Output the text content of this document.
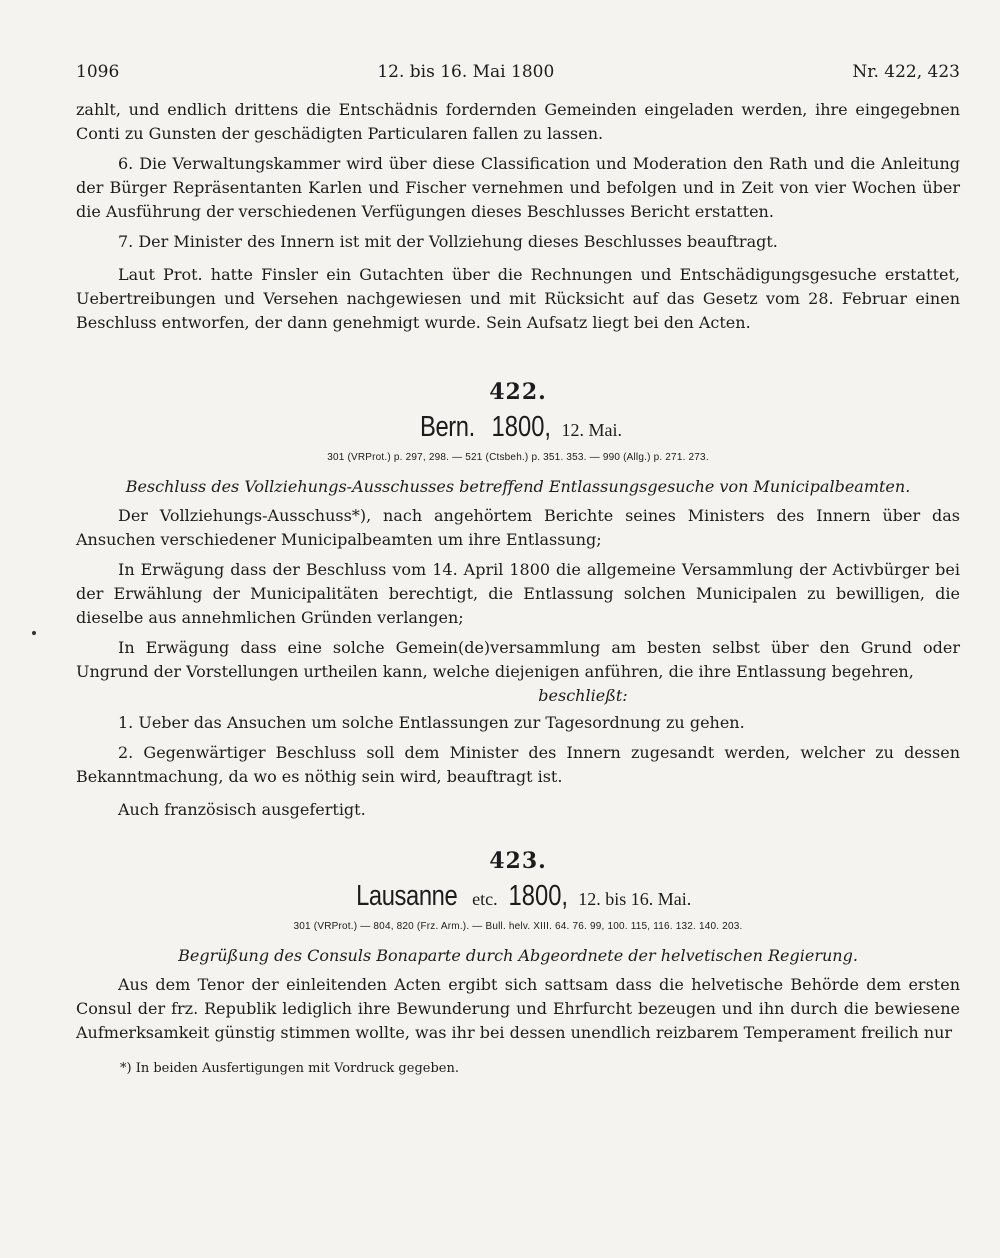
1096	12. bis 16. Mai 1800	Nr. 422, 423

zahlt, und endlich drittens die Entschädnis fordernden Gemeinden eingeladen werden, ihre eingegebnen Conti zu Gunsten der geschädigten Particularen fallen zu lassen.

6. Die Verwaltungskammer wird über diese Classification und Moderation den Rath und die Anleitung der Bürger Repräsentanten Karlen und Fischer vernehmen und befolgen und in Zeit von vier Wochen über die Ausführung der verschiedenen Verfügungen dieses Beschlusses Bericht erstatten.

7. Der Minister des Innern ist mit der Vollziehung dieses Beschlusses beauftragt.

Laut Prot. hatte Finsler ein Gutachten über die Rechnungen und Entschädigungsgesuche erstattet, Uebertreibungen und Versehen nachgewiesen und mit Rücksicht auf das Gesetz vom 28. Februar einen Beschluss entworfen, der dann genehmigt wurde. Sein Aufsatz liegt bei den Acten.

422.
Bern. 1800, 12. Mai.
301 (VRProt.) p. 297, 298. — 521 (Ctsbeh.) p. 351. 353. — 990 (Allg.) p. 271. 273.
Beschluss des Vollziehungs-Ausschusses betreffend Entlassungsgesuche von Municipalbeamten.

Der Vollziehungs-Ausschuss*), nach angehörtem Berichte seines Ministers des Innern über das Ansuchen verschiedener Municipalbeamten um ihre Entlassung;

In Erwägung dass der Beschluss vom 14. April 1800 die allgemeine Versammlung der Activbürger bei der Erwählung der Municipalitäten berechtigt, die Entlassung solchen Municipalen zu bewilligen, die dieselbe aus annehmlichen Gründen verlangen;

In Erwägung dass eine solche Gemein(de)versammlung am besten selbst über den Grund oder Ungrund der Vorstellungen urtheilen kann, welche diejenigen anführen, die ihre Entlassung begehren,

beschließt:

1. Ueber das Ansuchen um solche Entlassungen zur Tagesordnung zu gehen.

2. Gegenwärtiger Beschluss soll dem Minister des Innern zugesandt werden, welcher zu dessen Bekanntmachung, da wo es nöthig sein wird, beauftragt ist.

Auch französisch ausgefertigt.

423.
Lausanne etc. 1800, 12. bis 16. Mai.
301 (VRProt.) — 804, 820 (Frz. Arm.). — Bull. helv. XIII. 64. 76. 99, 100. 115, 116. 132. 140. 203.
Begrüßung des Consuls Bonaparte durch Abgeordnete der helvetischen Regierung.

Aus dem Tenor der einleitenden Acten ergibt sich sattsam dass die helvetische Behörde dem ersten Consul der frz. Republik lediglich ihre Bewunderung und Ehrfurcht bezeugen und ihn durch die bewiesene Aufmerksamkeit günstig stimmen wollte, was ihr bei dessen unendlich reizbarem Temperament freilich nur

*) In beiden Ausfertigungen mit Vordruck gegeben.
